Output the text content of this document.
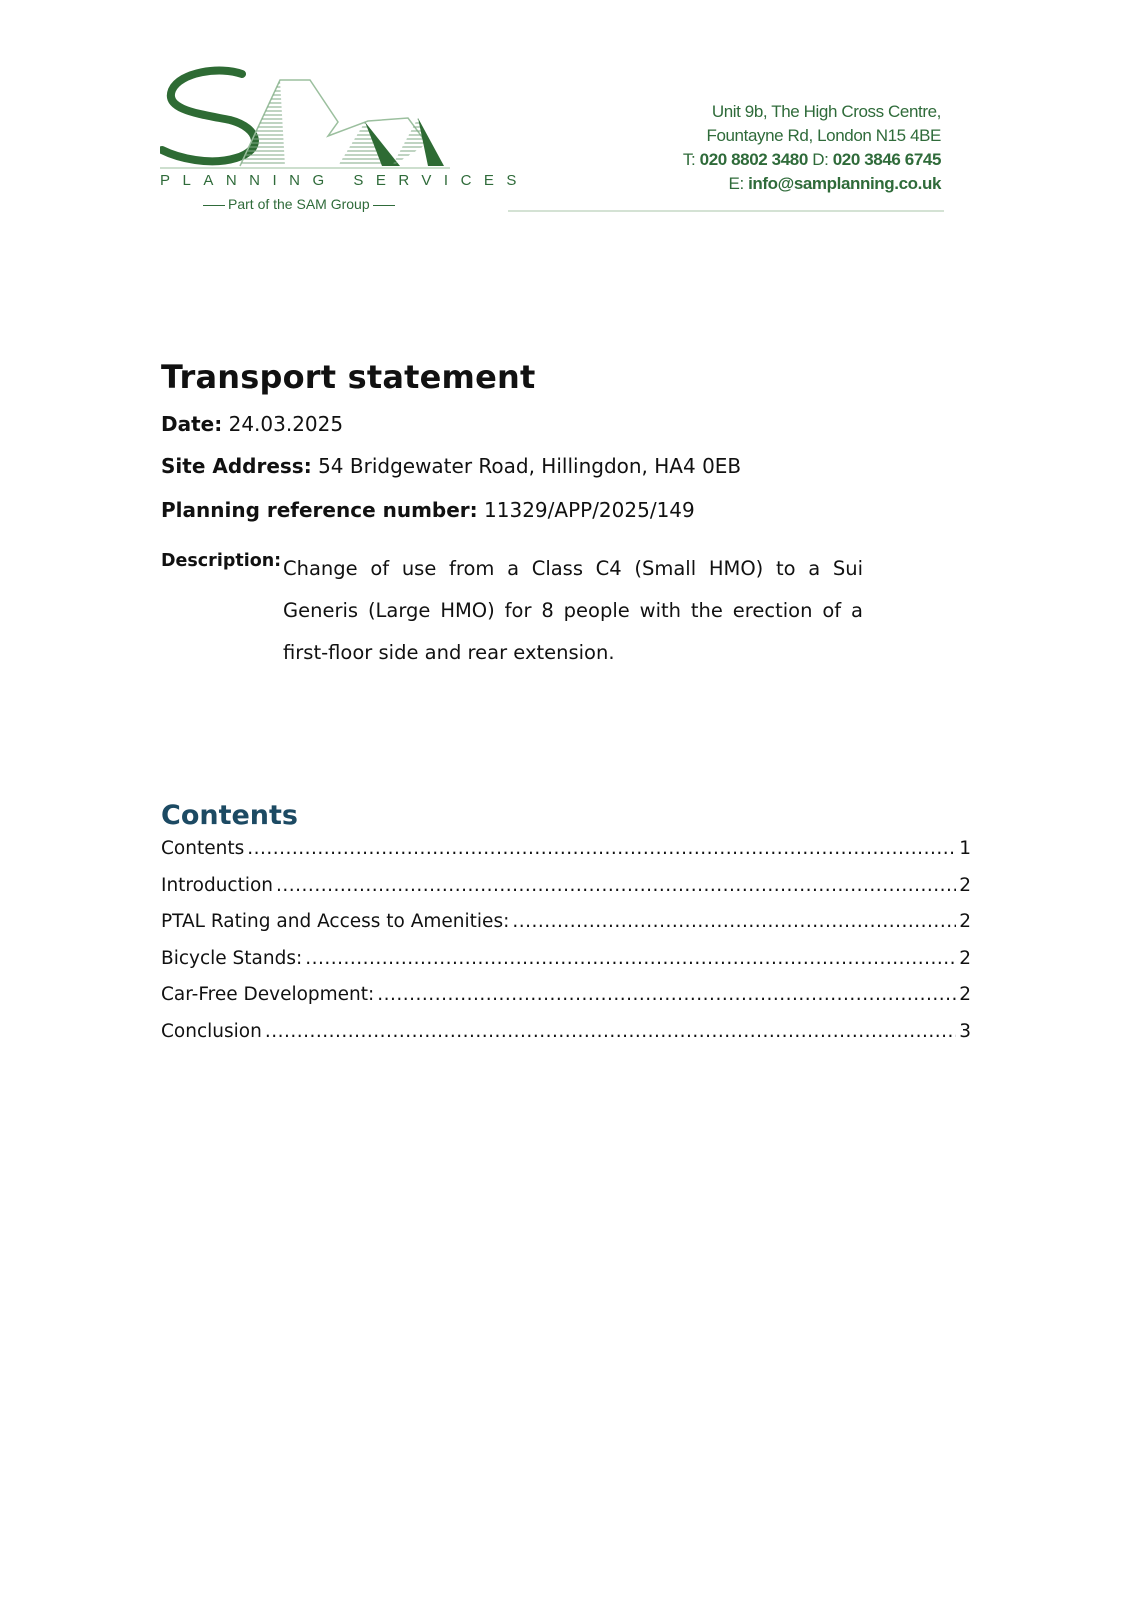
PLANNING SERVICES
Part of the SAM Group
Unit 9b, The High Cross Centre,
Fountayne Rd, London N15 4BE
T: 020 8802 3480 D: 020 3846 6745
E: info@samplanning.co.uk
Transport statement
Date: 24.03.2025
Site Address: 54 Bridgewater Road, Hillingdon, HA4 0EB
Planning reference number: 11329/APP/2025/149
Description: Change of use from a Class C4 (Small HMO) to a Sui Generis (Large HMO) for 8 people with the erection of a first-floor side and rear extension.
Contents
Contents .....	1
Introduction .....	2
PTAL Rating and Access to Amenities: .....	2
Bicycle Stands: .....	2
Car-Free Development: .....	2
Conclusion .....	3
